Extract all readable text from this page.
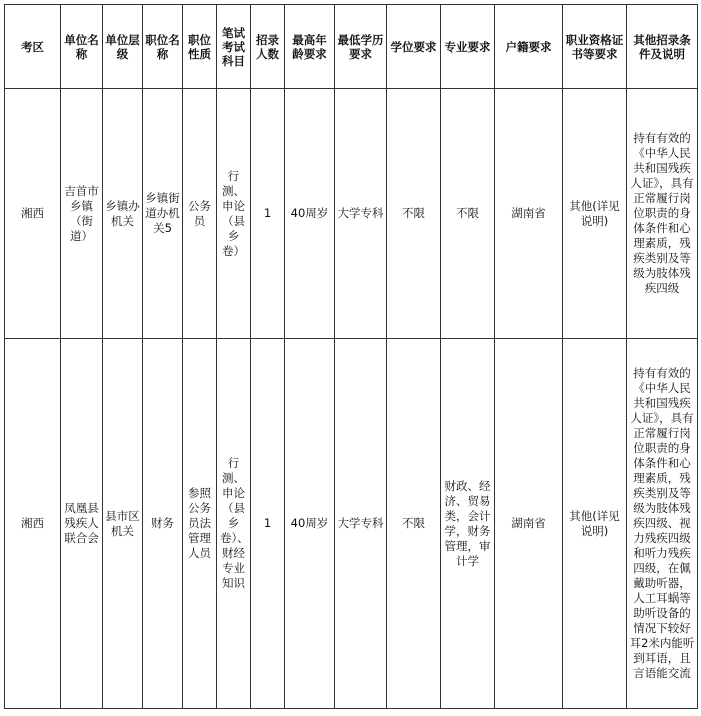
考区	单位名称	单位层级	职位名称	职位性质	笔试考试科目	招录人数	最高年龄要求	最低学历要求	学位要求	专业要求	户籍要求	职业资格证书等要求	其他招录条件及说明
湘西	吉首市乡镇（街道）	乡镇办机关	乡镇街道办机关5	公务员	行测、申论（县乡卷）	1	40周岁	大学专科	不限	不限	湖南省	其他(详见说明)	持有有效的《中华人民共和国残疾人证》，具有正常履行岗位职责的身体条件和心理素质，残疾类别及等级为肢体残疾四级
湘西	凤凰县残疾人联合会	县市区机关	财务	参照公务员法管理人员	行测、申论（县乡卷）、财经专业知识	1	40周岁	大学专科	不限	财政、经济、贸易类，会计学，财务管理，审计学	湖南省	其他(详见说明)	持有有效的《中华人民共和国残疾人证》，具有正常履行岗位职责的身体条件和心理素质，残疾类别及等级为肢体残疾四级、视力残疾四级和听力残疾四级，在佩戴助听器，人工耳蜗等助听设备的情况下较好耳2米内能听到耳语，且言语能交流
